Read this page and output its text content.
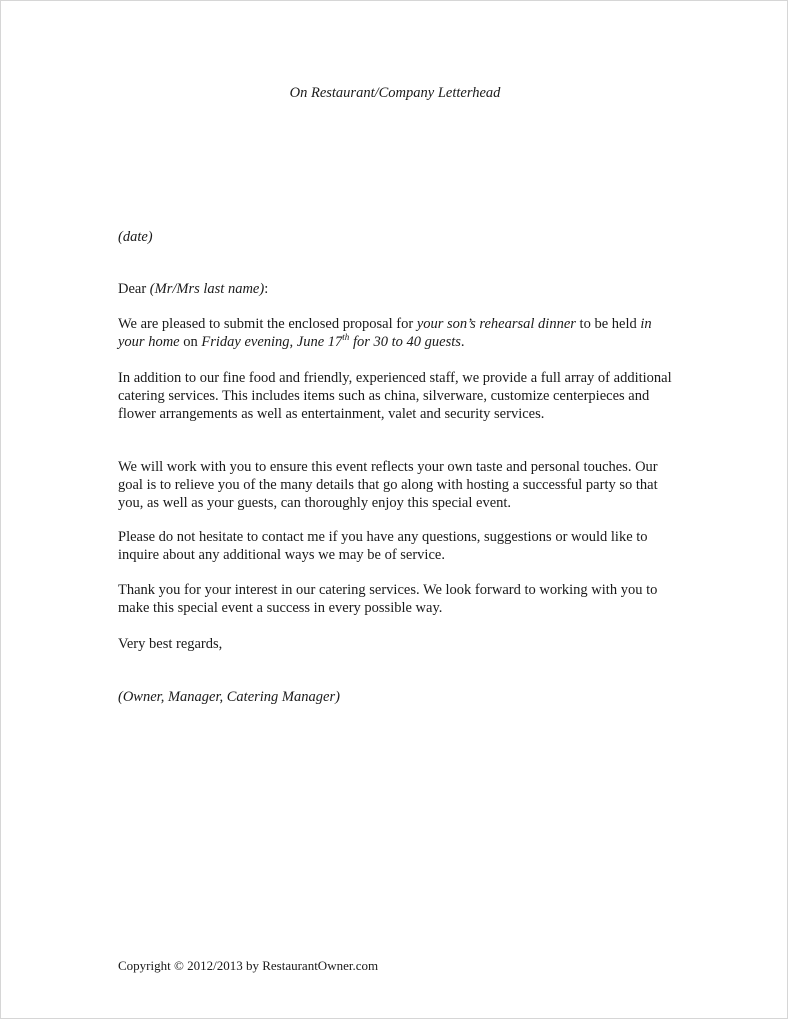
On Restaurant/Company Letterhead
(date)
Dear (Mr/Mrs last name):

We are pleased to submit the enclosed proposal for your son’s rehearsal dinner to be held in your home on Friday evening, June 17th for 30 to 40 guests.

In addition to our fine food and friendly, experienced staff, we provide a full array of additional catering services. This includes items such as china, silverware, customize centerpieces and flower arrangements as well as entertainment, valet and security services.

We will work with you to ensure this event reflects your own taste and personal touches. Our goal is to relieve you of the many details that go along with hosting a successful party so that you, as well as your guests, can thoroughly enjoy this special event.

Please do not hesitate to contact me if you have any questions, suggestions or would like to inquire about any additional ways we may be of service.

Thank you for your interest in our catering services. We look forward to working with you to make this special event a success in every possible way.

Very best regards,
(Owner, Manager, Catering Manager)
Copyright © 2012/2013 by RestaurantOwner.com
